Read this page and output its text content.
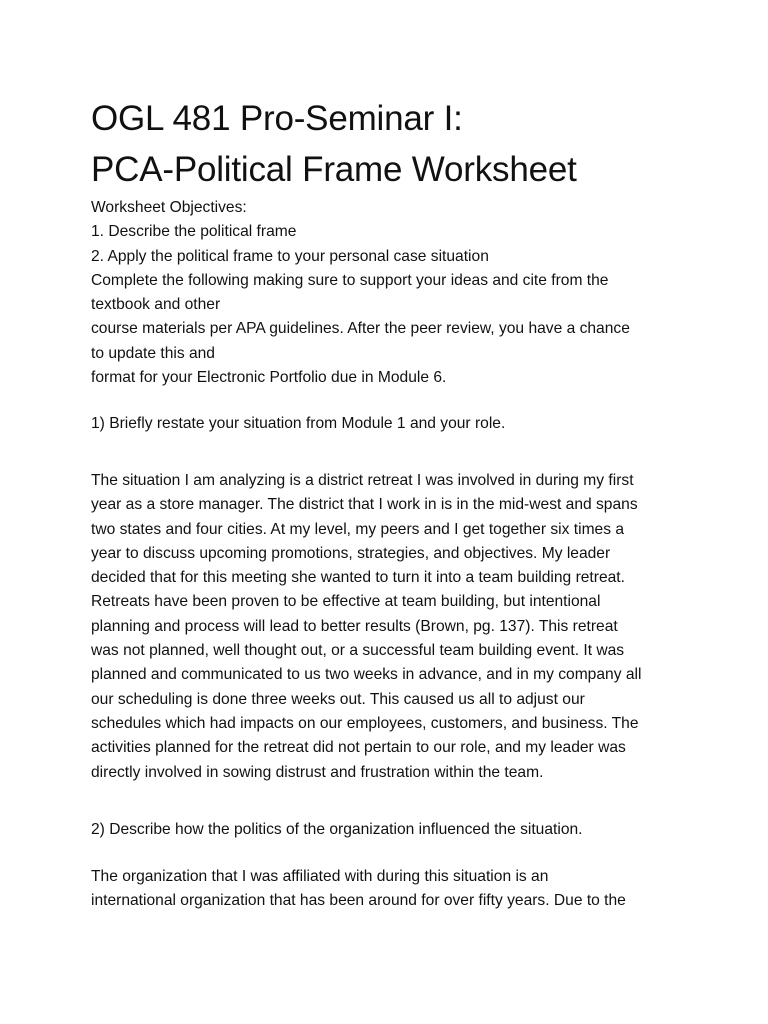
OGL 481 Pro-Seminar I:
PCA-Political Frame Worksheet
Worksheet Objectives:
1. Describe the political frame
2. Apply the political frame to your personal case situation
Complete the following making sure to support your ideas and cite from the
textbook and other
course materials per APA guidelines. After the peer review, you have a chance
to update this and
format for your Electronic Portfolio due in Module 6.
1) Briefly restate your situation from Module 1 and your role.
The situation I am analyzing is a district retreat I was involved in during my first
year as a store manager. The district that I work in is in the mid-west and spans
two states and four cities. At my level, my peers and I get together six times a
year to discuss upcoming promotions, strategies, and objectives. My leader
decided that for this meeting she wanted to turn it into a team building retreat.
Retreats have been proven to be effective at team building, but intentional
planning and process will lead to better results (Brown, pg. 137). This retreat
was not planned, well thought out, or a successful team building event. It was
planned and communicated to us two weeks in advance, and in my company all
our scheduling is done three weeks out. This caused us all to adjust our
schedules which had impacts on our employees, customers, and business. The
activities planned for the retreat did not pertain to our role, and my leader was
directly involved in sowing distrust and frustration within the team.
2) Describe how the politics of the organization influenced the situation.
The organization that I was affiliated with during this situation is an
international organization that has been around for over fifty years. Due to the
